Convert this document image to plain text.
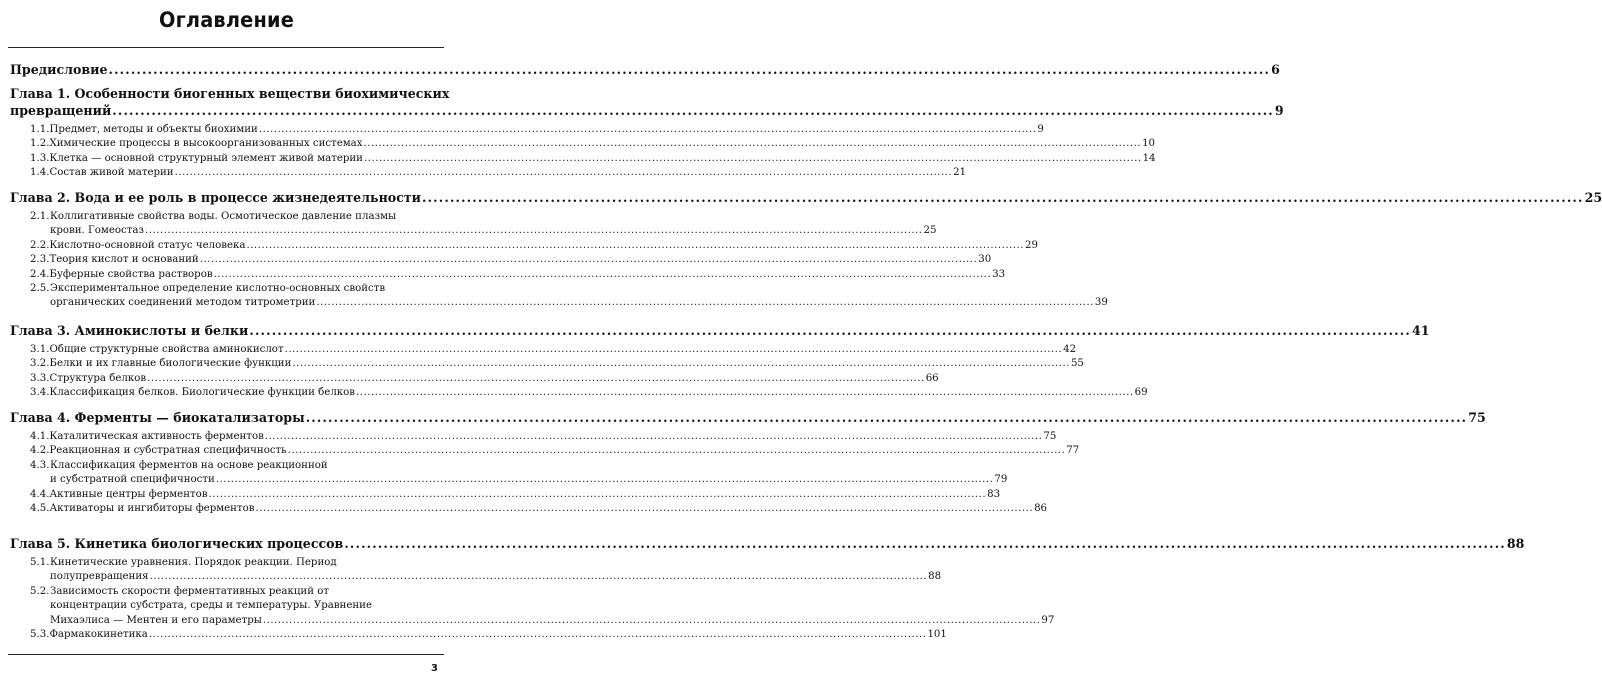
Оглавление
Предисловие .....	6
Глава 1. Особенности биогенных веществи биохимических
превращений .....	9
1.1. Предмет, методы и объекты биохимии .....	9
1.2. Химические процессы в высокоорганизованных системах .....	10
1.3. Клетка — основной структурный элемент живой материи .....	14
1.4. Состав живой материи .....	21
Глава 2. Вода и ее роль в процессе жизнедеятельности .....	25
2.1. Коллигативные свойства воды. Осмотическое давление плазмы
крови. Гомеостаз .....	25
2.2. Кислотно-основной статус человека .....	29
2.3. Теория кислот и оснований .....	30
2.4. Буферные свойства растворов .....	33
2.5. Экспериментальное определение кислотно-основных свойств
органических соединений методом титрометрии .....	39
Глава 3. Аминокислоты и белки .....	41
3.1. Общие структурные свойства аминокислот .....	42
3.2. Белки и их главные биологические функции .....	55
3.3. Структура белков .....	66
3.4. Классификация белков. Биологические функции белков .....	69
Глава 4. Ферменты — биокатализаторы .....	75
4.1. Каталитическая активность ферментов .....	75
4.2. Реакционная и субстратная специфичность .....	77
4.3. Классификация ферментов на основе реакционной
и субстратной специфичности .....	79
4.4. Активные центры ферментов .....	83
4.5. Активаторы и ингибиторы ферментов .....	86
Глава 5. Кинетика биологических процессов .....	88
5.1. Кинетические уравнения. Порядок реакции. Период
полупревращения .....	88
5.2. Зависимость скорости ферментативных реакций от
концентрации субстрата, среды и температуры. Уравнение
Михаэлиса — Ментен и его параметры .....	97
5.3. Фармакокинетика .....	101
3
